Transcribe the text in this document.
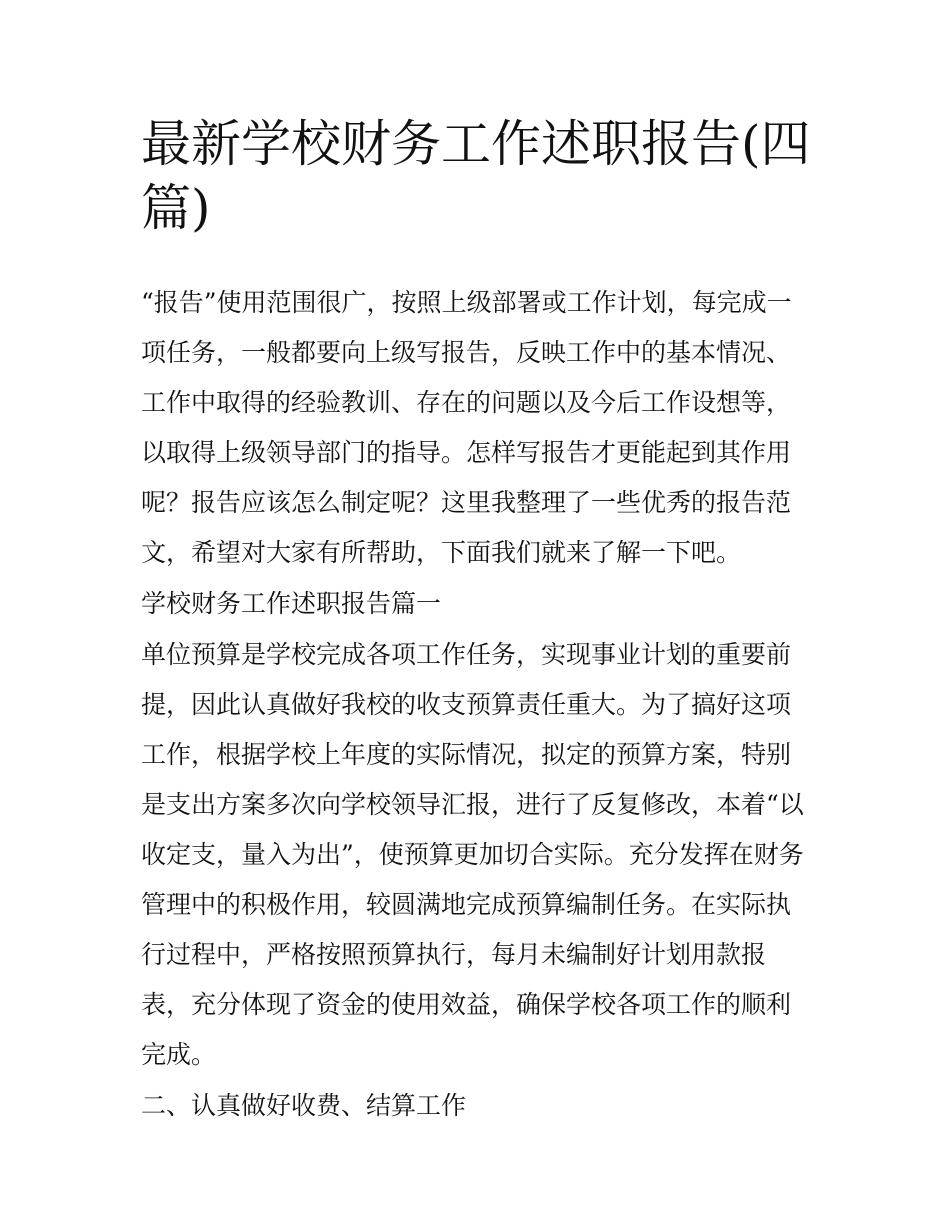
最新学校财务工作述职报告(四篇)

“报告”使用范围很广，按照上级部署或工作计划，每完成一项任务，一般都要向上级写报告，反映工作中的基本情况、工作中取得的经验教训、存在的问题以及今后工作设想等，以取得上级领导部门的指导。怎样写报告才更能起到其作用呢？报告应该怎么制定呢？这里我整理了一些优秀的报告范文，希望对大家有所帮助，下面我们就来了解一下吧。

学校财务工作述职报告篇一

单位预算是学校完成各项工作任务，实现事业计划的重要前提，因此认真做好我校的收支预算责任重大。为了搞好这项工作，根据学校上年度的实际情况，拟定的预算方案，特别是支出方案多次向学校领导汇报，进行了反复修改，本着“以收定支，量入为出”，使预算更加切合实际。充分发挥在财务管理中的积极作用，较圆满地完成预算编制任务。在实际执行过程中，严格按照预算执行，每月未编制好计划用款报表，充分体现了资金的使用效益，确保学校各项工作的顺利完成。

二、认真做好收费、结算工作
